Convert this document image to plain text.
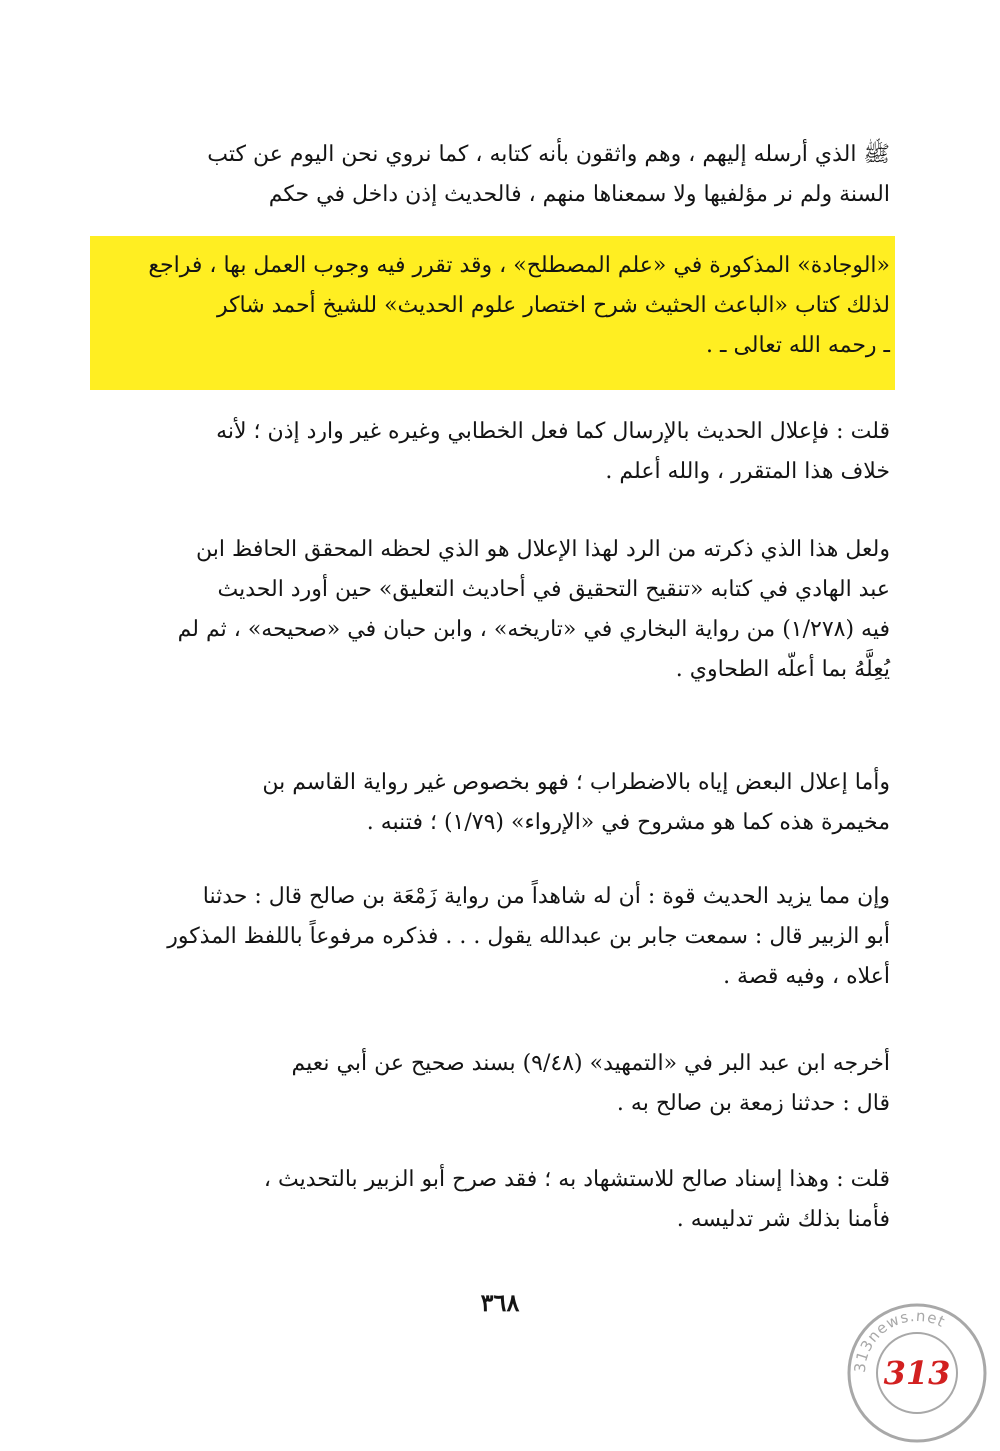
ﷺ الذي أرسله إليهم ، وهم واثقون بأنه كتابه ، كما نروي نحن اليوم عن كتب
السنة ولم نر مؤلفيها ولا سمعناها منهم ، فالحديث إذن داخل في حكم

«الوجادة» المذكورة في «علم المصطلح» ، وقد تقرر فيه وجوب العمل بها ، فراجع
لذلك كتاب «الباعث الحثيث شرح اختصار علوم الحديث» للشيخ أحمد شاكر
ـ رحمه الله تعالى ـ .

قلت : فإعلال الحديث بالإرسال كما فعل الخطابي وغيره غير وارد إذن ؛ لأنه
خلاف هذا المتقرر ، والله أعلم .

ولعل هذا الذي ذكرته من الرد لهذا الإعلال هو الذي لحظه المحقق الحافظ ابن
عبد الهادي في كتابه «تنقيح التحقيق في أحاديث التعليق» حين أورد الحديث
فيه (١/٢٧٨) من رواية البخاري في «تاريخه» ، وابن حبان في «صحيحه» ، ثم لم
يُعِلَّهُ بما أعلّه الطحاوي .

وأما إعلال البعض إياه بالاضطراب ؛ فهو بخصوص غير رواية القاسم بن
مخيمرة هذه كما هو مشروح في «الإرواء» (١/٧٩) ؛ فتنبه .

وإن مما يزيد الحديث قوة : أن له شاهداً من رواية زَمْعَة بن صالح قال : حدثنا
أبو الزبير قال : سمعت جابر بن عبدالله يقول . . . فذكره مرفوعاً باللفظ المذكور
أعلاه ، وفيه قصة .

أخرجه ابن عبد البر في «التمهيد» (٩/٤٨) بسند صحيح عن أبي نعيم
قال : حدثنا زمعة بن صالح به .

قلت : وهذا إسناد صالح للاستشهاد به ؛ فقد صرح أبو الزبير بالتحديث ،
فأمنا بذلك شر تدليسه .

٣٦٨
313news.net
313
